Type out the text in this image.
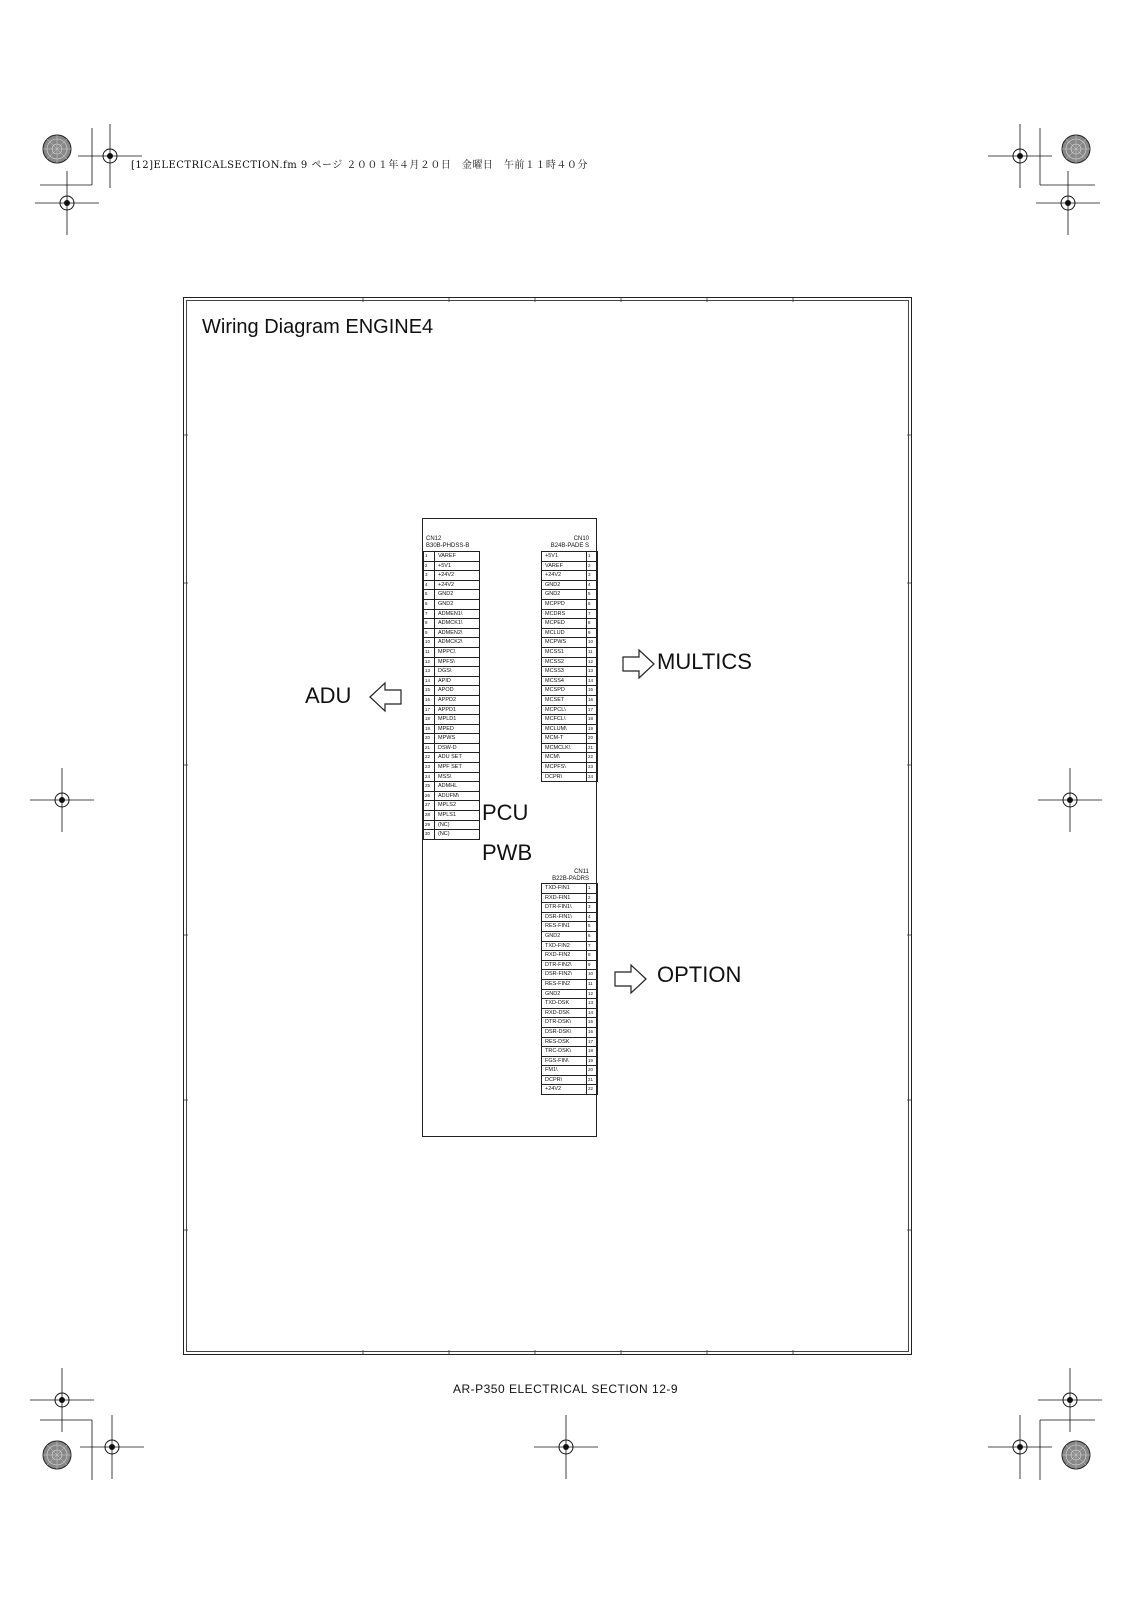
[12]ELECTRICALSECTION.fm 9 ページ ２００１年４月２０日　金曜日　午前１１時４０分
Wiring Diagram ENGINE4
CN12
B30B-PHDSS-B
1	VAREF
2	+5V1
3	+24V2
4	+24V2
5	GND2
6	GND2
7	ADMEN1\
8	ADMCK1\
9	ADMEN2\
10	ADMCK2\
11	MPPC\
12	MPFS\
13	DGS\
14	APID
15	APOD
16	APPD2
17	APPD1
18	MPLD1
19	MPED
20	MPWS
21	DSW-D
22	ADU SET
23	MPF SET
24	MSS\
25	ADMHL
26	ADUFM\
27	MPLS2
28	MPLS1
29	(NC)
30	(NC)
CN10
B24B-PADE S
+5V1	1
VAREF	2
+24V2	3
GND2	4
GND2	5
MCPPD	6
MCDRS	7
MCPED	8
MCLUD	9
MCPWS	10
MCSS1	11
MCSS2	12
MCSS3	13
MCSS4	14
MCSPD	15
MCSET	16
MCPCL\	17
MCFCL\	18
MCLUM\	19
MCM-T	20
MCMCLK\	21
MCM\	22
MCPFS\	23
DCPR\	24
CN11
B22B-PADRS
TXD-FIN1	1
RXD-FIN1	2
DTR-FIN1\	3
DSR-FIN1\	4
RES-FIN1	5
GND2	6
TXD-FIN2	7
RXD-FIN2	8
DTR-FIN2\	9
DSR-FIN2\	10
RES-FIN2	11
GND2	12
TXD-DSK	13
RXD-DSK	14
DTR-DSK\	15
DSR-DSK\	16
RES-DSK	17
TRC-DSK\	18
FGS-FIN\	19
FM1\	20
DCPR\	21
+24V2	22
PCU
PWB
ADU
MULTICS
OPTION
AR-P350 ELECTRICAL SECTION 12-9
